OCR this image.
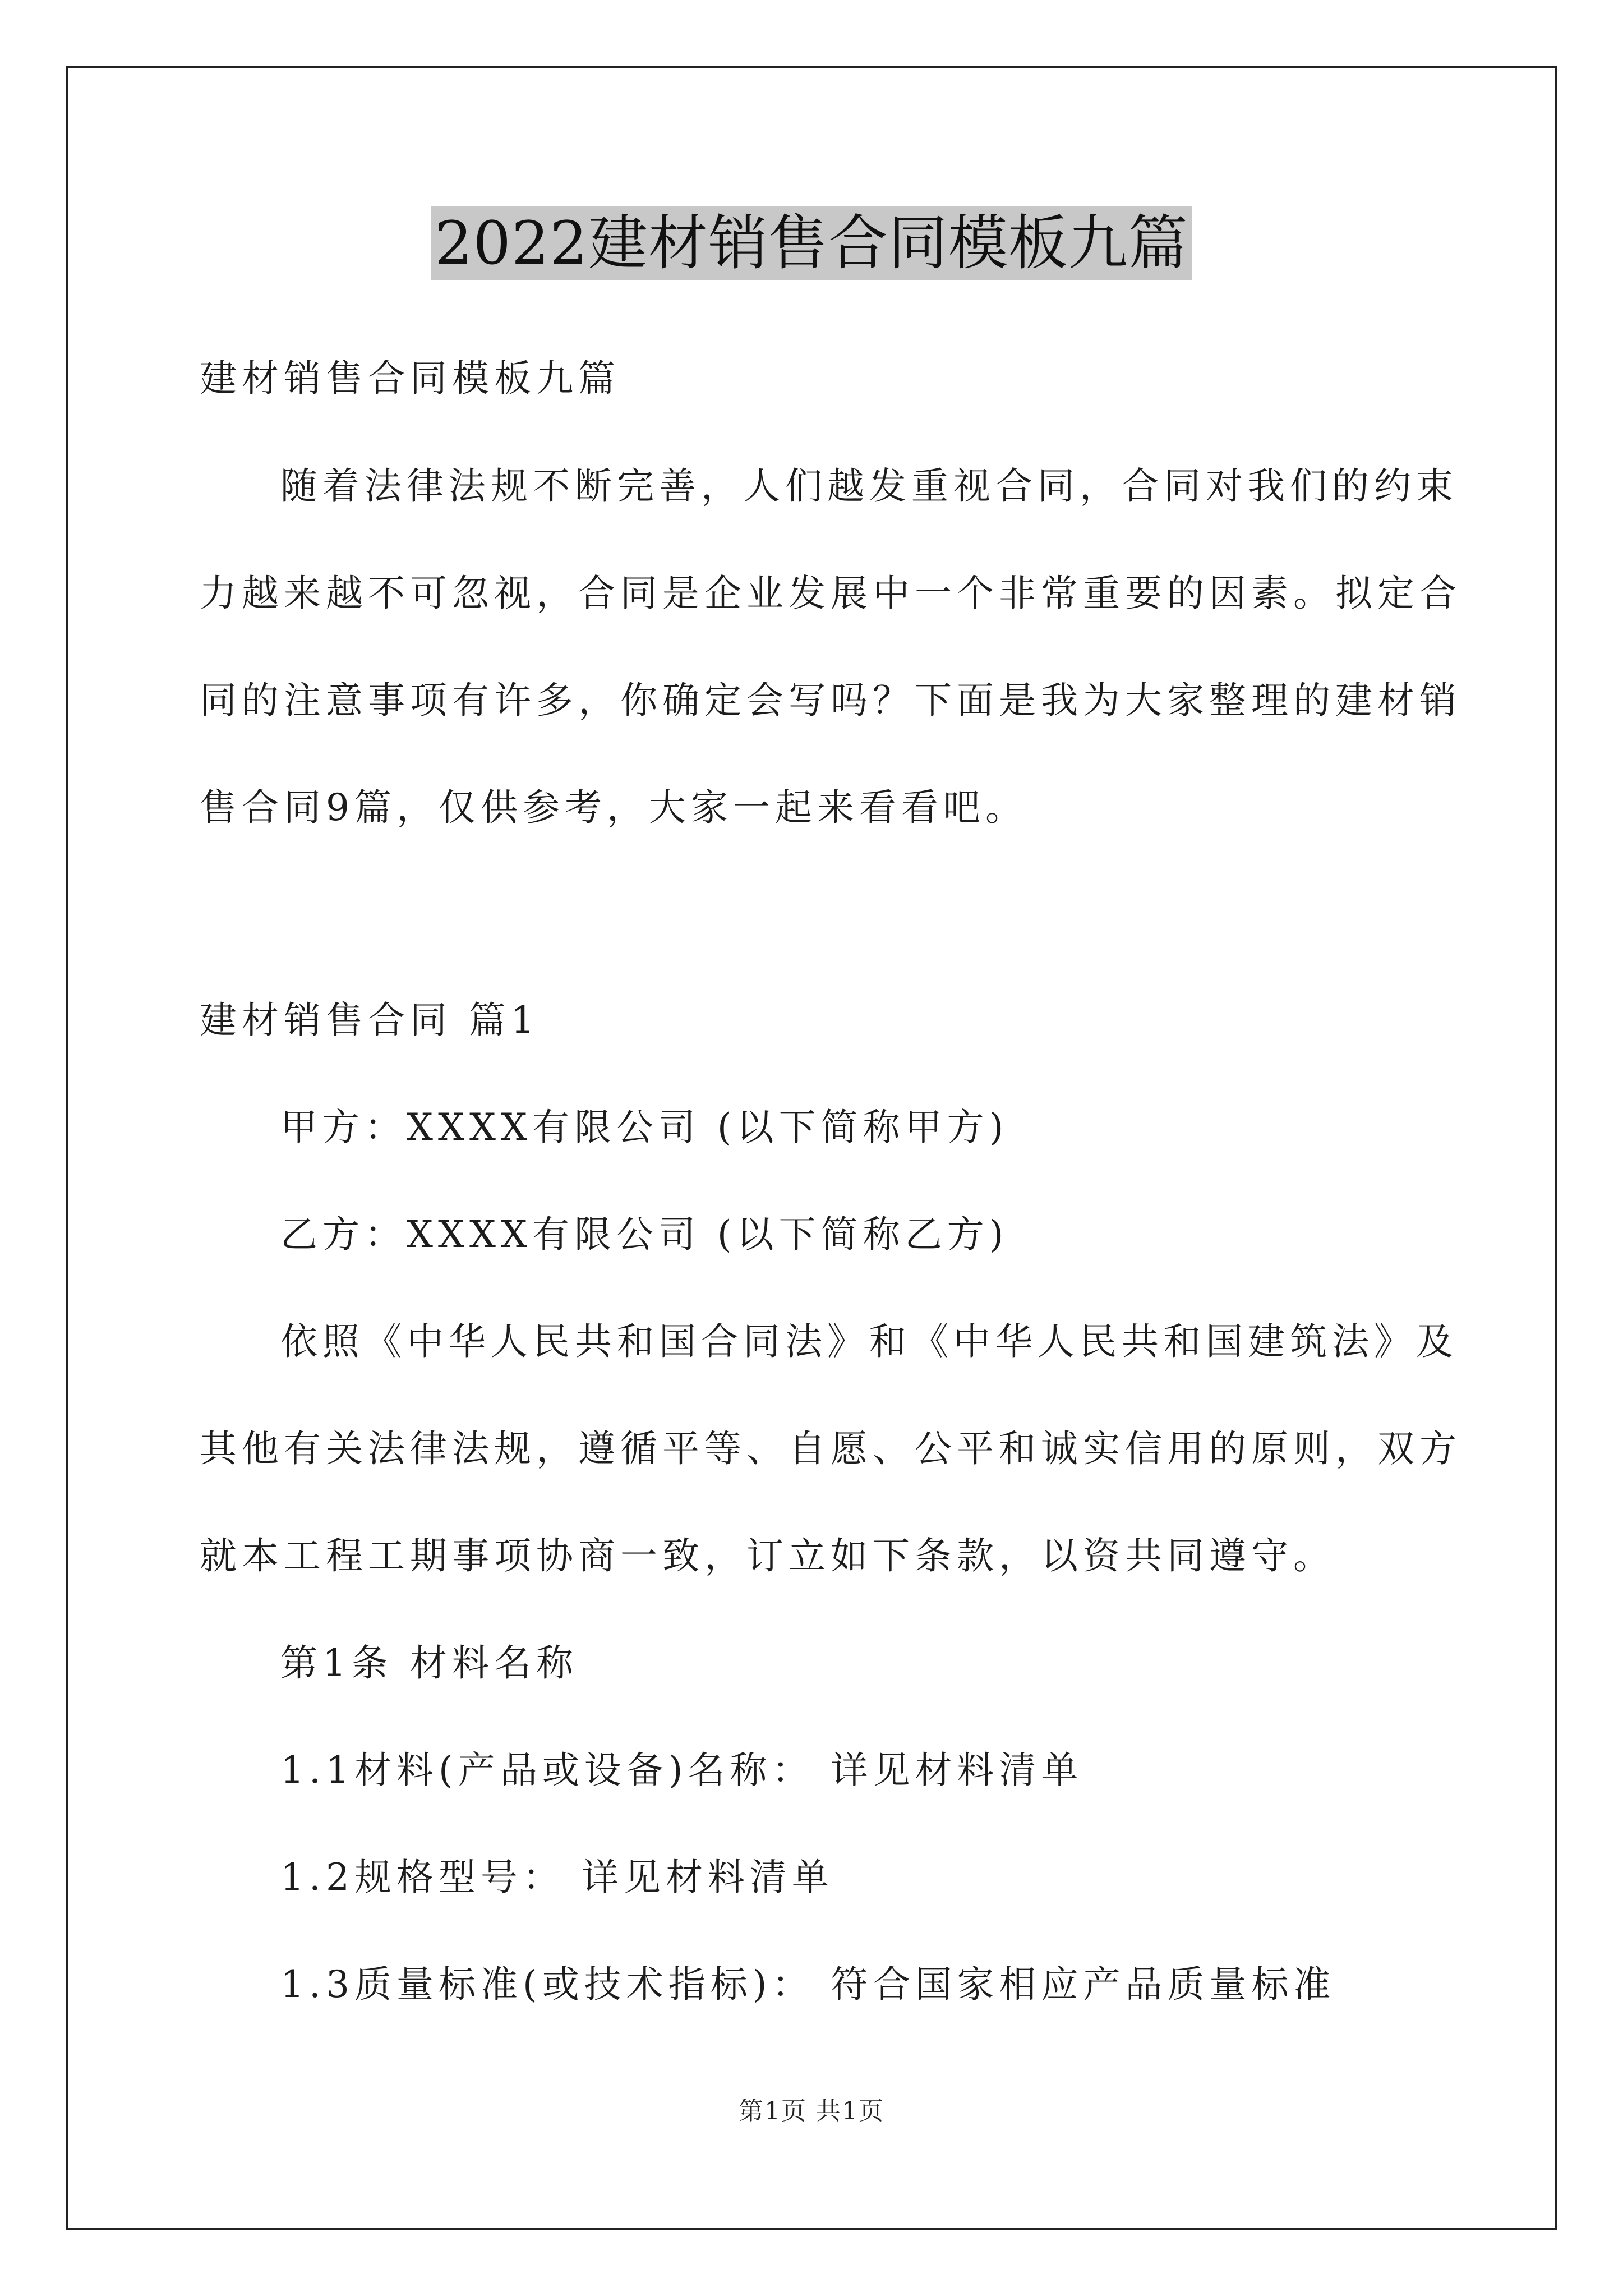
2022建材销售合同模板九篇
建材销售合同模板九篇
随着法律法规不断完善，人们越发重视合同，合同对我们的约束
力越来越不可忽视，合同是企业发展中一个非常重要的因素。拟定合
同的注意事项有许多，你确定会写吗？下面是我为大家整理的建材销
售合同9篇，仅供参考，大家一起来看看吧。
建材销售合同 篇1
甲方：XXXX有限公司 (以下简称甲方)
乙方：XXXX有限公司 (以下简称乙方)
依照《中华人民共和国合同法》和《中华人民共和国建筑法》及
其他有关法律法规，遵循平等、自愿、公平和诚实信用的原则，双方
就本工程工期事项协商一致，订立如下条款，以资共同遵守。
第1条 材料名称
1.1材料(产品或设备)名称： 详见材料清单
1.2规格型号： 详见材料清单
1.3质量标准(或技术指标)： 符合国家相应产品质量标准
第1页 共1页
